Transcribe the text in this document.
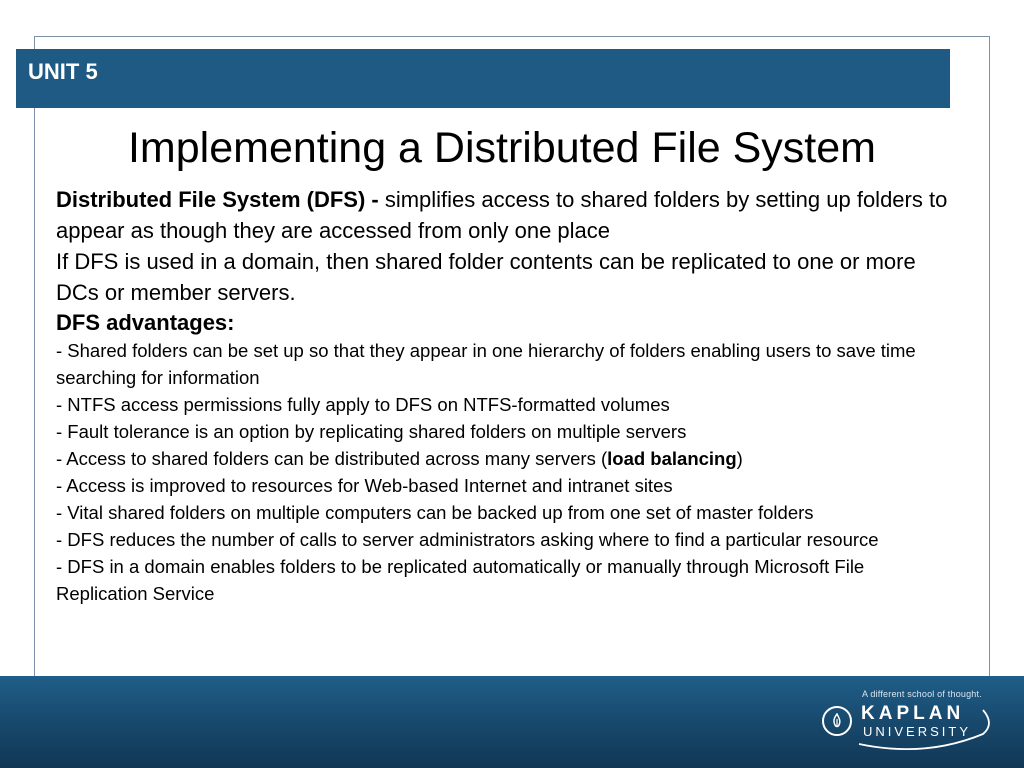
UNIT 5
Implementing a Distributed File System

Distributed File System (DFS) - simplifies access to shared folders by setting up folders to appear as though they are accessed from only one place

If DFS is used in a domain, then shared folder contents can be replicated to one or more DCs or member servers.

DFS advantages:

- Shared folders can be set up so that they appear in one hierarchy of folders enabling users to save time searching for information

- NTFS access permissions fully apply to DFS on NTFS-formatted volumes

- Fault tolerance is an option by replicating shared folders on multiple servers

- Access to shared folders can be distributed across many servers (load balancing)

- Access is improved to resources for Web-based Internet and intranet sites

- Vital shared folders on multiple computers can be backed up from one set of master folders

- DFS reduces the number of calls to server administrators asking where to find a particular resource

- DFS in a domain enables folders to be replicated automatically or manually through Microsoft File Replication Service

A different school of thought.
KAPLAN
UNIVERSITY
